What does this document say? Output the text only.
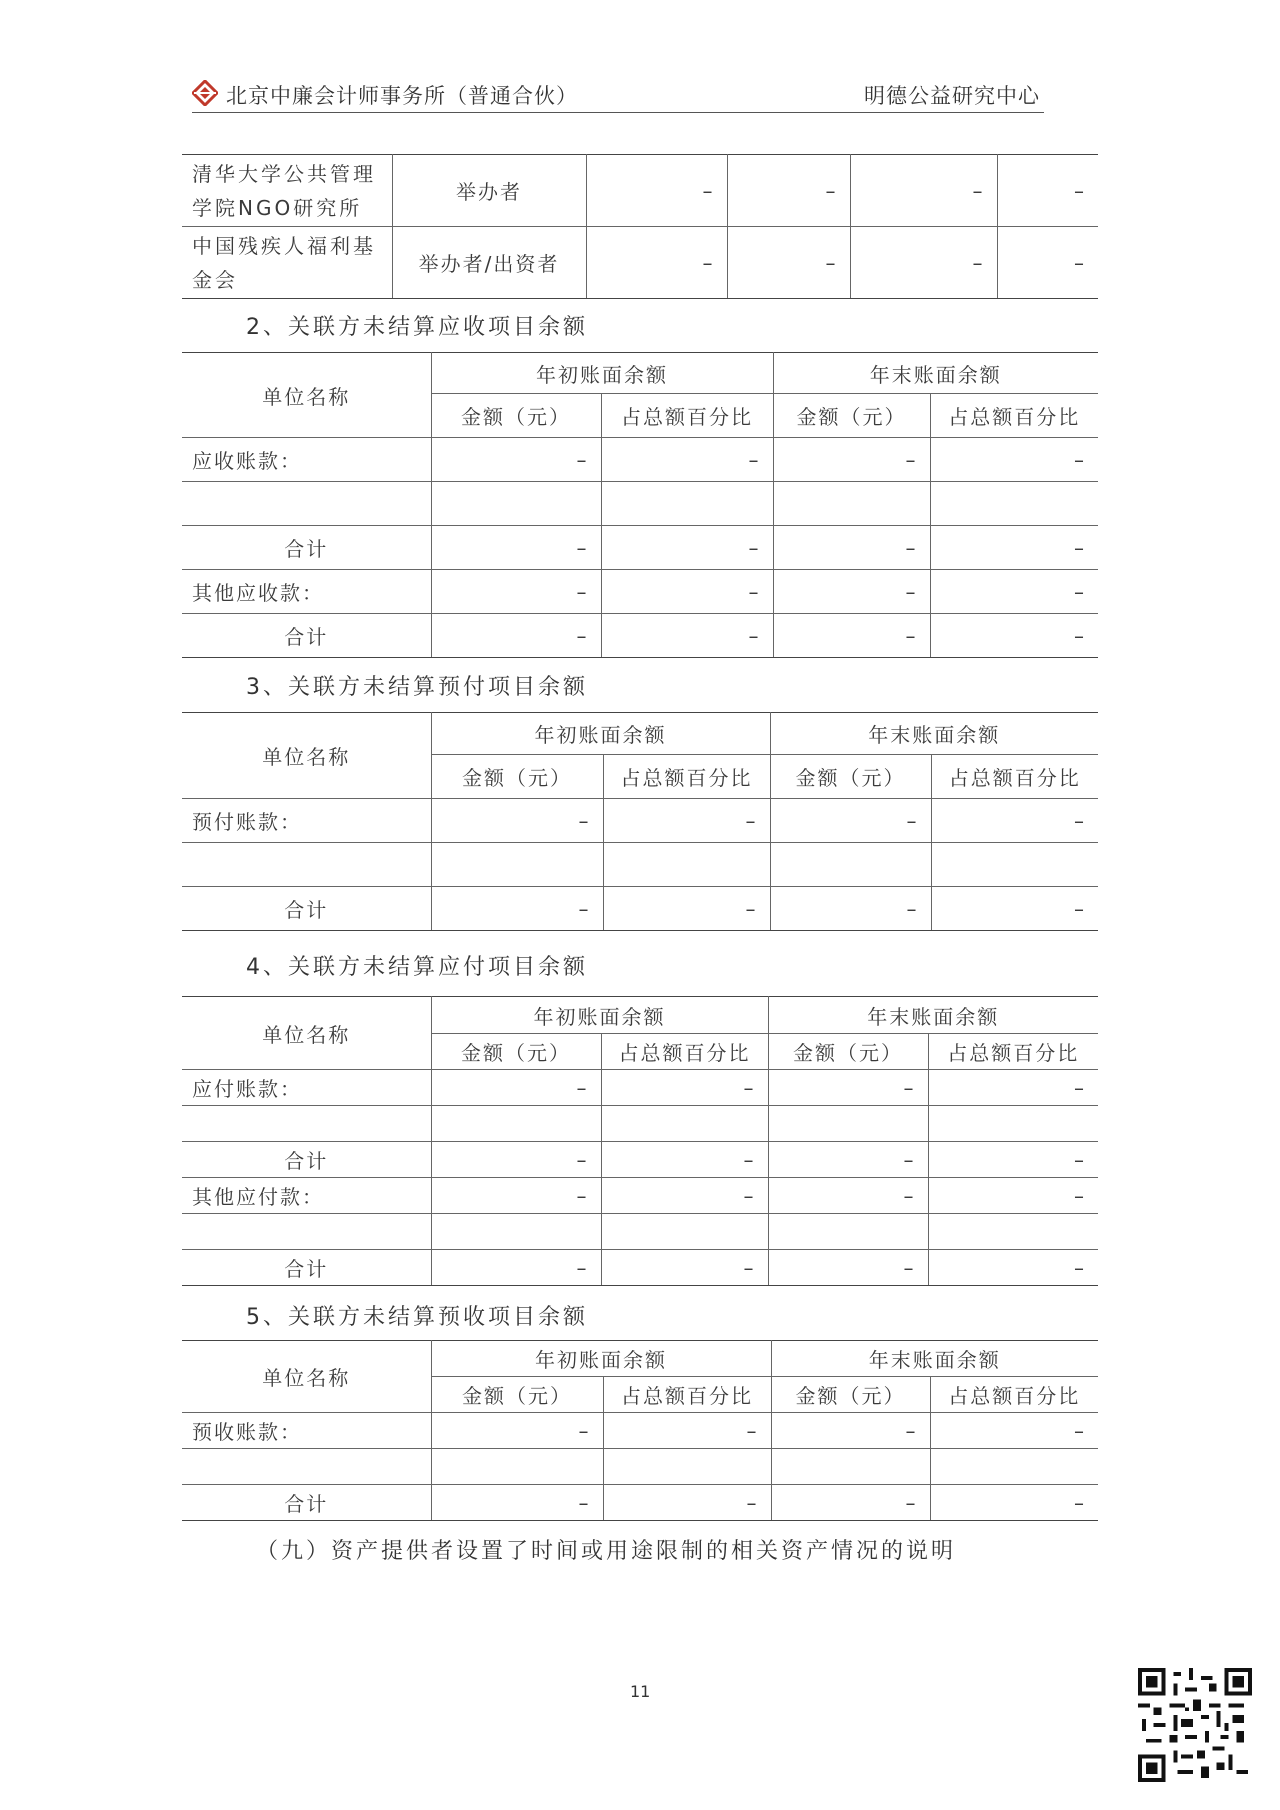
北京中廉会计师事务所（普通合伙）	明德公益研究中心
清华大学公共管理学院NGO研究所	举办者	–	–	–	–
中国残疾人福利基金会	举办者/出资者	–	–	–	–
2、关联方未结算应收项目余额
单位名称	年初账面余额		年末账面余额	
	金额（元）	占总额百分比	金额（元）	占总额百分比
应收账款：	–	–	–	–

合计	–	–	–	–
其他应收款：	–	–	–	–
合计	–	–	–	–
3、关联方未结算预付项目余额
单位名称	年初账面余额		年末账面余额	
	金额（元）	占总额百分比	金额（元）	占总额百分比
预付账款：	–	–	–	–

合计	–	–	–	–
4、关联方未结算应付项目余额
单位名称	年初账面余额		年末账面余额	
	金额（元）	占总额百分比	金额（元）	占总额百分比
应付账款：	–	–	–	–

合计	–	–	–	–
其他应付款：	–	–	–	–

合计	–	–	–	–
5、关联方未结算预收项目余额
单位名称	年初账面余额		年末账面余额	
	金额（元）	占总额百分比	金额（元）	占总额百分比
预收账款：	–	–	–	–

合计	–	–	–	–
（九）资产提供者设置了时间或用途限制的相关资产情况的说明
11
